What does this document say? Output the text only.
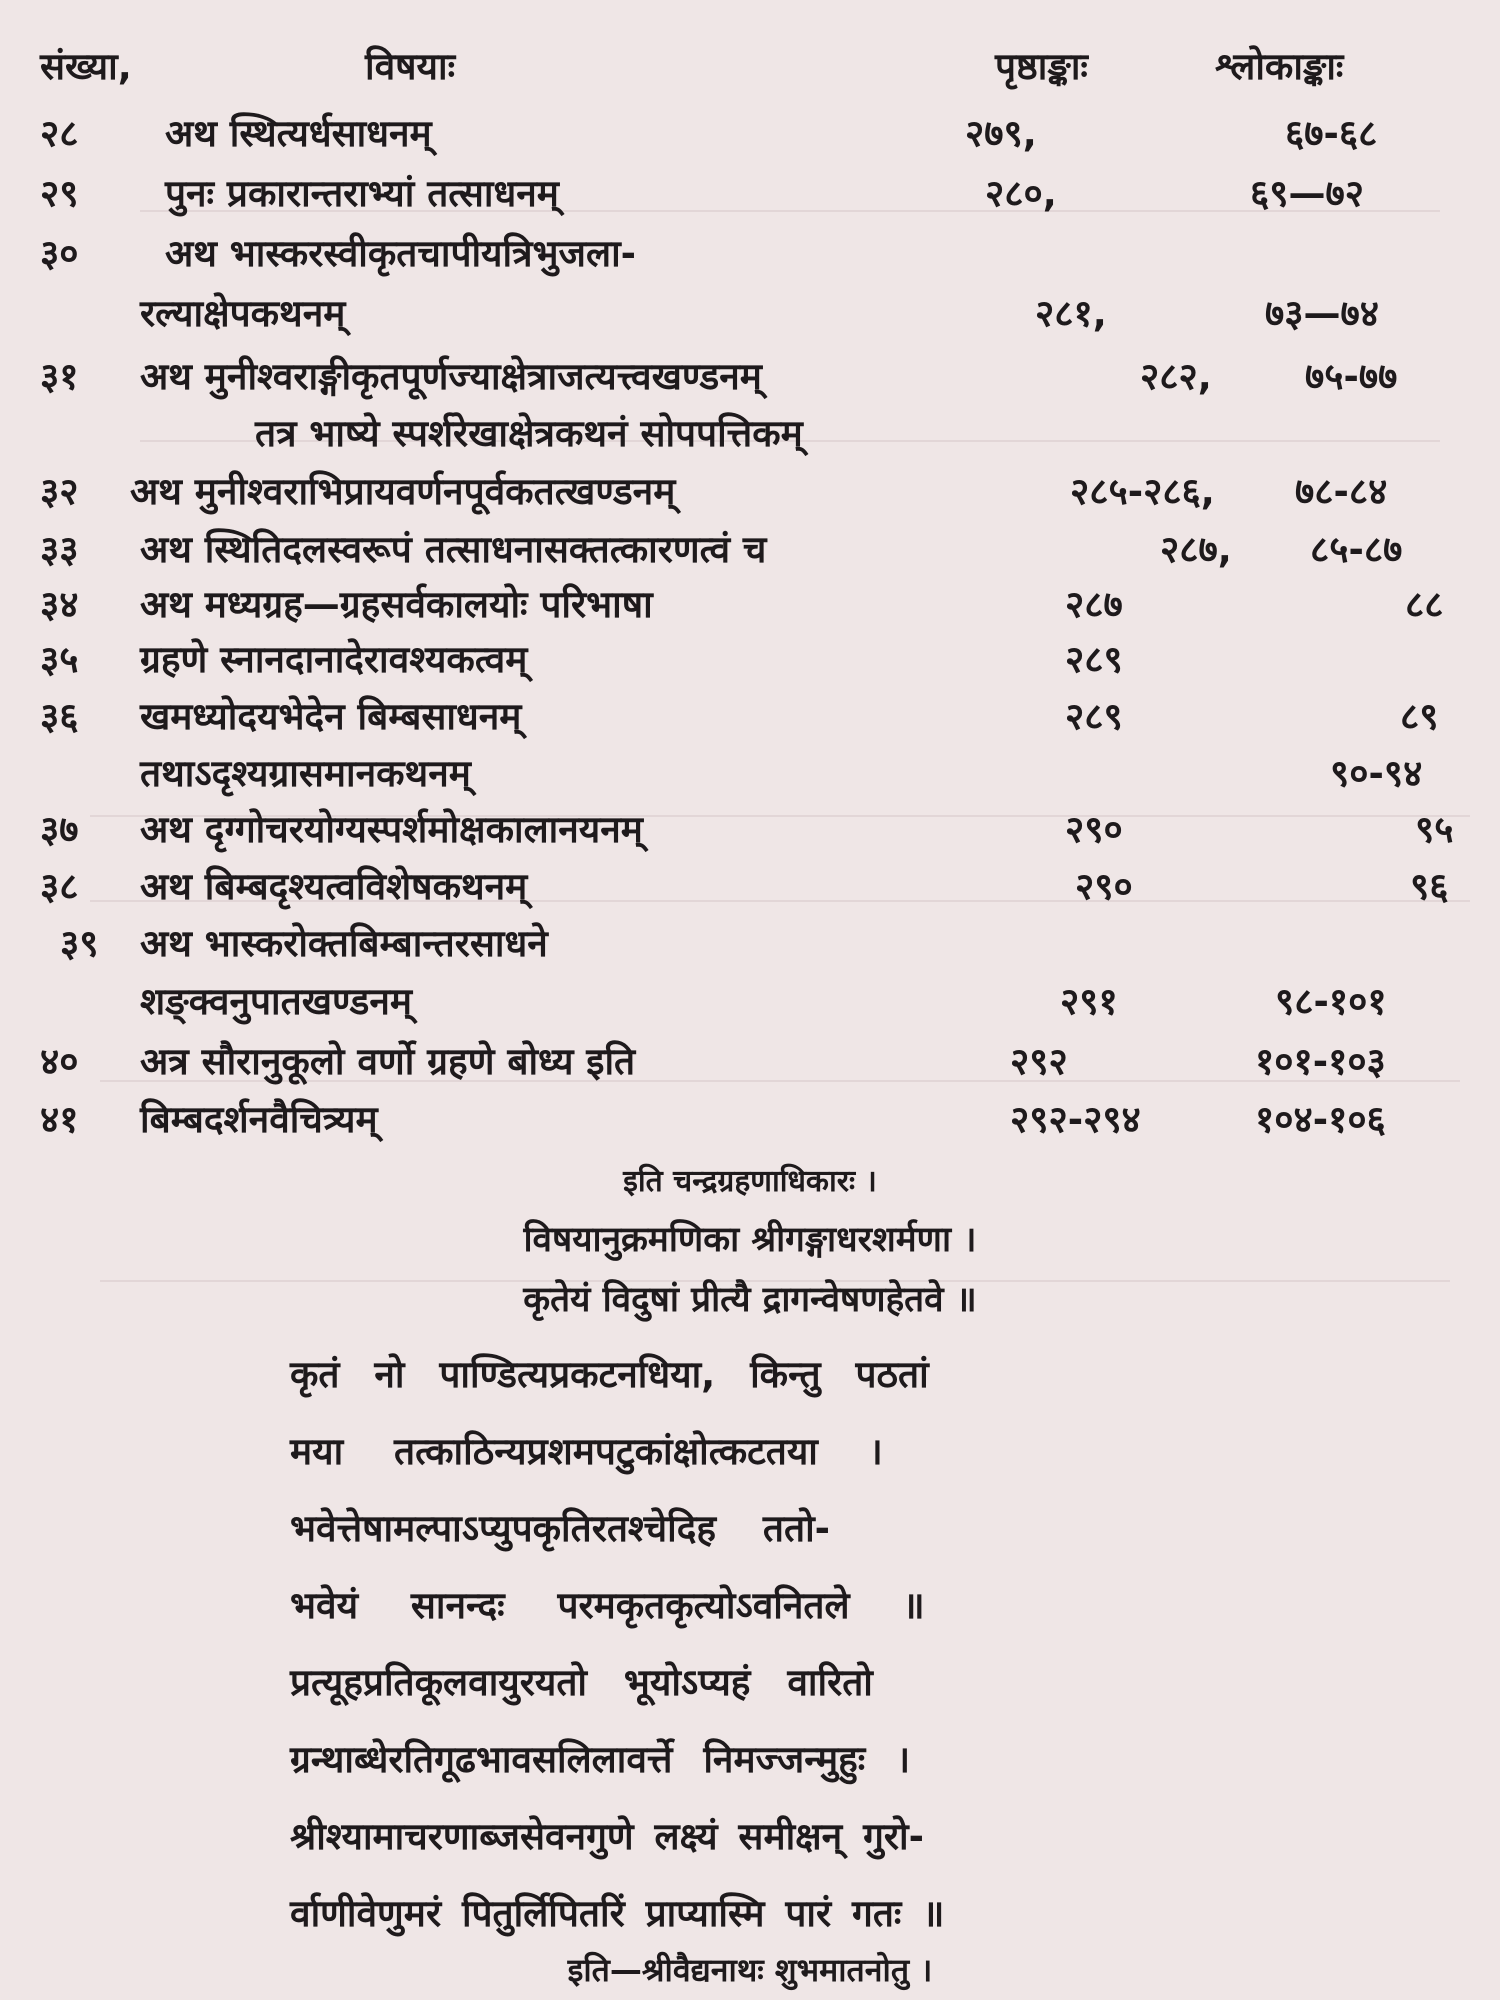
संख्या,	विषयाः	पृष्ठाङ्काः	श्लोकाङ्काः
२८ अथ स्थित्यर्धसाधनम्	२७९,	६७-६८
२९ पुनः प्रकारान्तराभ्यां तत्साधनम्	२८०,	६९—७२
३० अथ भास्करस्वीकृतचापीयत्रिभुजला-
रल्याक्षेपकथनम्	२८१,	७३—७४
३१ अथ मुनीश्वराङ्गीकृतपूर्णज्याक्षेत्राजत्यत्त्वखण्डनम्	२८२,	७५-७७
तत्र भाष्ये स्पर्शरेखाक्षेत्रकथनं सोपपत्तिकम्
३२ अथ मुनीश्वराभिप्रायवर्णनपूर्वकतत्खण्डनम्	२८५-२८६, ७८-८४
३३ अथ स्थितिदलस्वरूपं तत्साधनासक्तत्कारणत्वं च	२८७, ८५-८७
३४ अथ मध्यग्रह—ग्रहसर्वकालयोः परिभाषा	२८७	८८
३५ ग्रहणे स्नानदानादेरावश्यकत्वम्	२८९
३६ खमध्योदयभेदेन बिम्बसाधनम्	२८९	८९
तथाऽदृश्यग्रासमानकथनम्	९०-९४
३७ अथ दृग्गोचरयोग्यस्पर्शमोक्षकालानयनम्	२९०	९५
३८ अथ बिम्बदृश्यत्वविशेषकथनम्	२९०	९६
३९ अथ भास्करोक्तबिम्बान्तरसाधने
शङ्क्वनुपातखण्डनम्	२९१	९८-१०१
४० अत्र सौरानुकूलो वर्णो ग्रहणे बोध्य इति	२९२	१०१-१०३
४१ बिम्बदर्शनवैचित्र्यम्	२९२-२९४	१०४-१०६
इति चन्द्रग्रहणाधिकारः ।
विषयानुक्रमणिका श्रीगङ्गाधरशर्मणा ।
कृतेयं विदुषां प्रीत्यै द्रागन्वेषणहेतवे ॥
कृतं नो पाण्डित्यप्रकटनधिया, किन्तु पठतां
मया तत्काठिन्यप्रशमपटुकांक्षोत्कटतया ।
भवेत्तेषामल्पाऽप्युपकृतिरतश्चेदिह ततो-
भवेयं सानन्दः परमकृतकृत्योऽवनितले ॥
प्रत्यूहप्रतिकूलवायुरयतो भूयोऽप्यहं वारितो
ग्रन्थाब्धेरतिगूढभावसलिलावर्त्ते निमज्जन्मुहुः ।
श्रीश्यामाचरणाब्जसेवनगुणे लक्ष्यं समीक्षन् गुरो-
र्वाणीवेणुमरं पितुर्लिपितरिं प्राप्यास्मि पारं गतः ॥
इति—श्रीवैद्यनाथः शुभमातनोतु ।
